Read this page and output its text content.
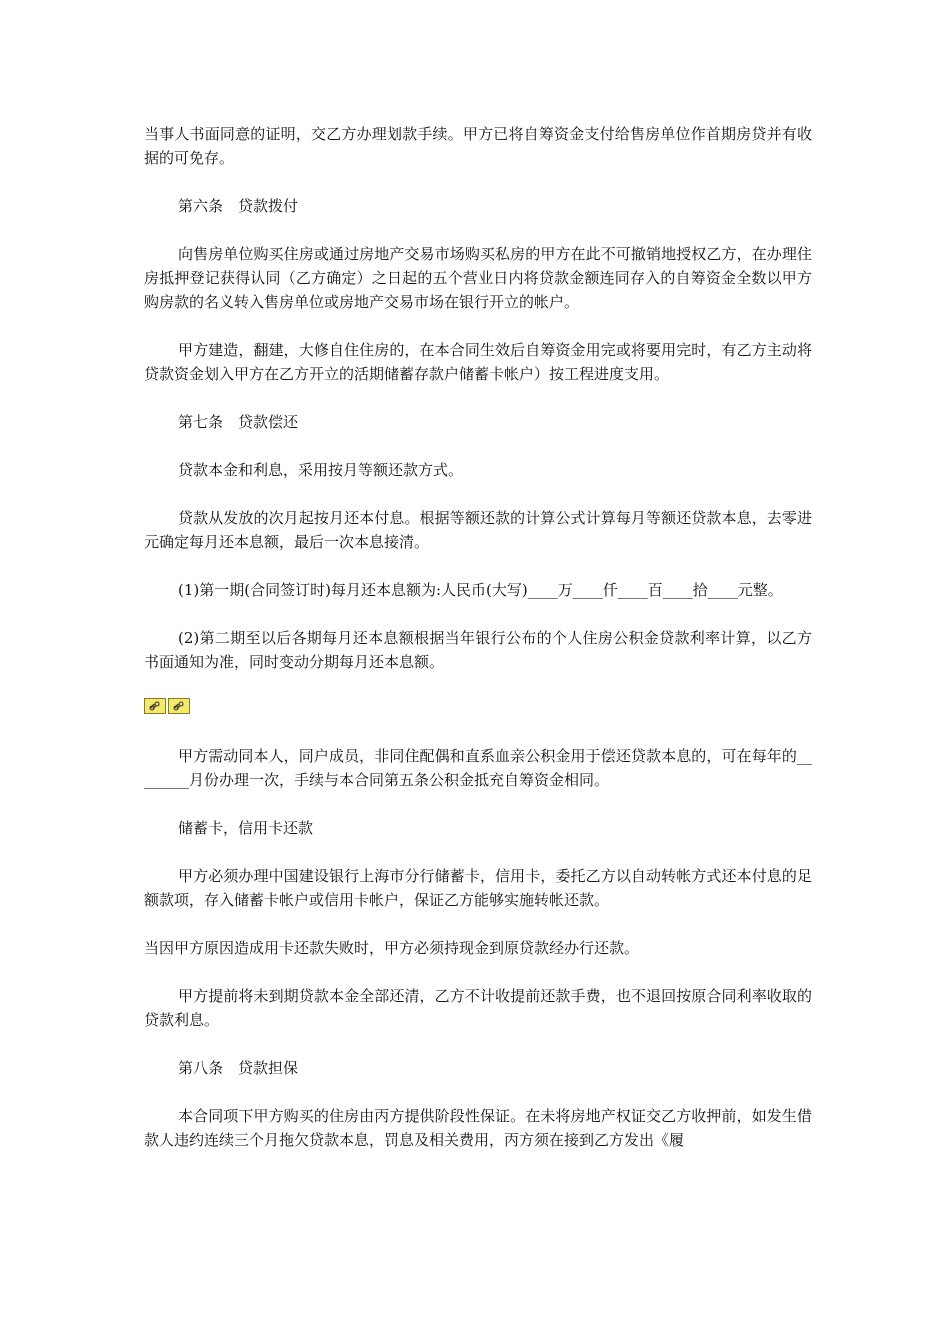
当事人书面同意的证明，交乙方办理划款手续。甲方已将自筹资金支付给售房单位作首期房贷并有收据的可免存。

第六条　贷款拨付

向售房单位购买住房或通过房地产交易市场购买私房的甲方在此不可撤销地授权乙方，在办理住房抵押登记获得认同（乙方确定）之日起的五个营业日内将贷款金额连同存入的自筹资金全数以甲方购房款的名义转入售房单位或房地产交易市场在银行开立的帐户。

甲方建造，翻建，大修自住住房的，在本合同生效后自筹资金用完或将要用完时，有乙方主动将贷款资金划入甲方在乙方开立的活期储蓄存款户储蓄卡帐户）按工程进度支用。

第七条　贷款偿还

贷款本金和利息，采用按月等额还款方式。

贷款从发放的次月起按月还本付息。根据等额还款的计算公式计算每月等额还贷款本息，去零进元确定每月还本息额，最后一次本息接清。

(1)第一期(合同签订时)每月还本息额为:人民币(大写)____万____仟____百____拾____元整。

(2)第二期至以后各期每月还本息额根据当年银行公布的个人住房公积金贷款利率计算，以乙方书面通知为准，同时变动分期每月还本息额。

甲方需动同本人，同户成员，非同住配偶和直系血亲公积金用于偿还贷款本息的，可在每年的________月份办理一次，手续与本合同第五条公积金抵充自筹资金相同。

储蓄卡，信用卡还款

甲方必须办理中国建设银行上海市分行储蓄卡，信用卡，委托乙方以自动转帐方式还本付息的足额款项，存入储蓄卡帐户或信用卡帐户，保证乙方能够实施转帐还款。

当因甲方原因造成用卡还款失败时，甲方必须持现金到原贷款经办行还款。

甲方提前将未到期贷款本金全部还清，乙方不计收提前还款手费，也不退回按原合同利率收取的贷款利息。

第八条　贷款担保

本合同项下甲方购买的住房由丙方提供阶段性保证。在未将房地产权证交乙方收押前，如发生借款人违约连续三个月拖欠贷款本息，罚息及相关费用，丙方须在接到乙方发出《履
